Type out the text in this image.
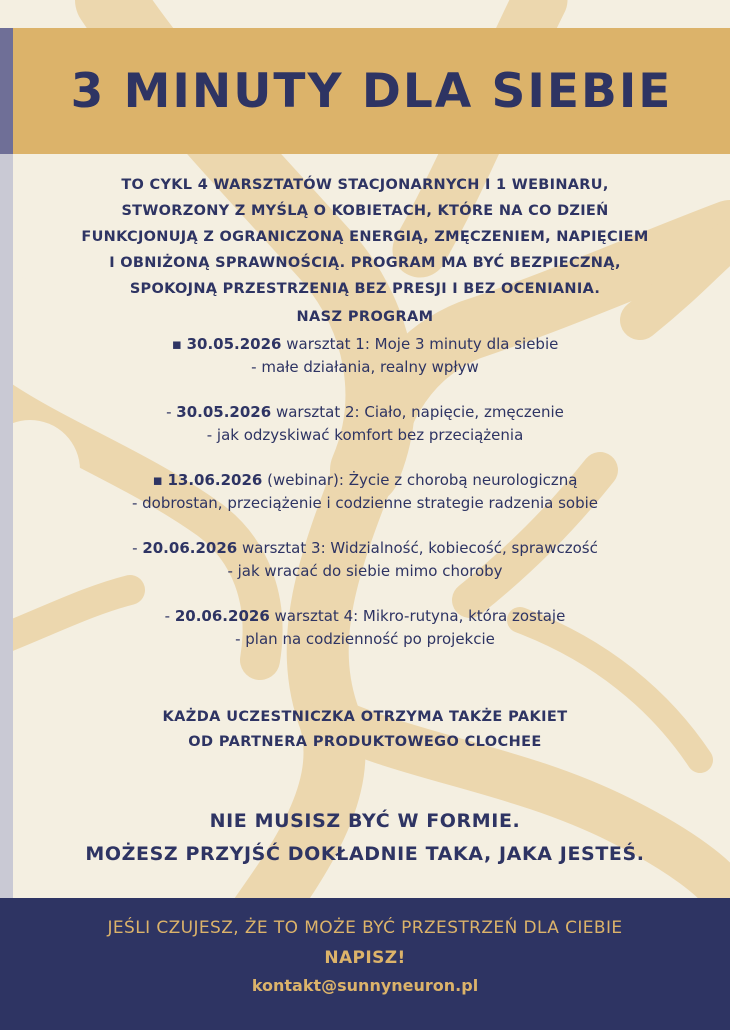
3 MINUTY DLA SIEBIE

TO CYKL 4 WARSZTATÓW STACJONARNYCH I 1 WEBINARU,
STWORZONY Z MYŚLĄ O KOBIETACH, KTÓRE NA CO DZIEŃ
FUNKCJONUJĄ Z OGRANICZONĄ ENERGIĄ, ZMĘCZENIEM, NAPIĘCIEM
I OBNIŻONĄ SPRAWNOŚCIĄ. PROGRAM MA BYĆ BEZPIECZNĄ,
SPOKOJNĄ PRZESTRZENIĄ BEZ PRESJI I BEZ OCENIANIA.

NASZ PROGRAM
▪ 30.05.2026 warsztat 1: Moje 3 minuty dla siebie
- małe działania, realny wpływ
- 30.05.2026 warsztat 2: Ciało, napięcie, zmęczenie
- jak odzyskiwać komfort bez przeciążenia
▪ 13.06.2026 (webinar): Życie z chorobą neurologiczną
- dobrostan, przeciążenie i codzienne strategie radzenia sobie
- 20.06.2026 warsztat 3: Widzialność, kobiecość, sprawczość
- jak wracać do siebie mimo choroby
- 20.06.2026 warsztat 4: Mikro-rutyna, która zostaje
- plan na codzienność po projekcie

KAŻDA UCZESTNICZKA OTRZYMA TAKŻE PAKIET
OD PARTNERA PRODUKTOWEGO CLOCHEE

NIE MUSISZ BYĆ W FORMIE.
MOŻESZ PRZYJŚĆ DOKŁADNIE TAKA, JAKA JESTEŚ.

JEŚLI CZUJESZ, ŻE TO MOŻE BYĆ PRZESTRZEŃ DLA CIEBIE
NAPISZ!
kontakt@sunnyneuron.pl
